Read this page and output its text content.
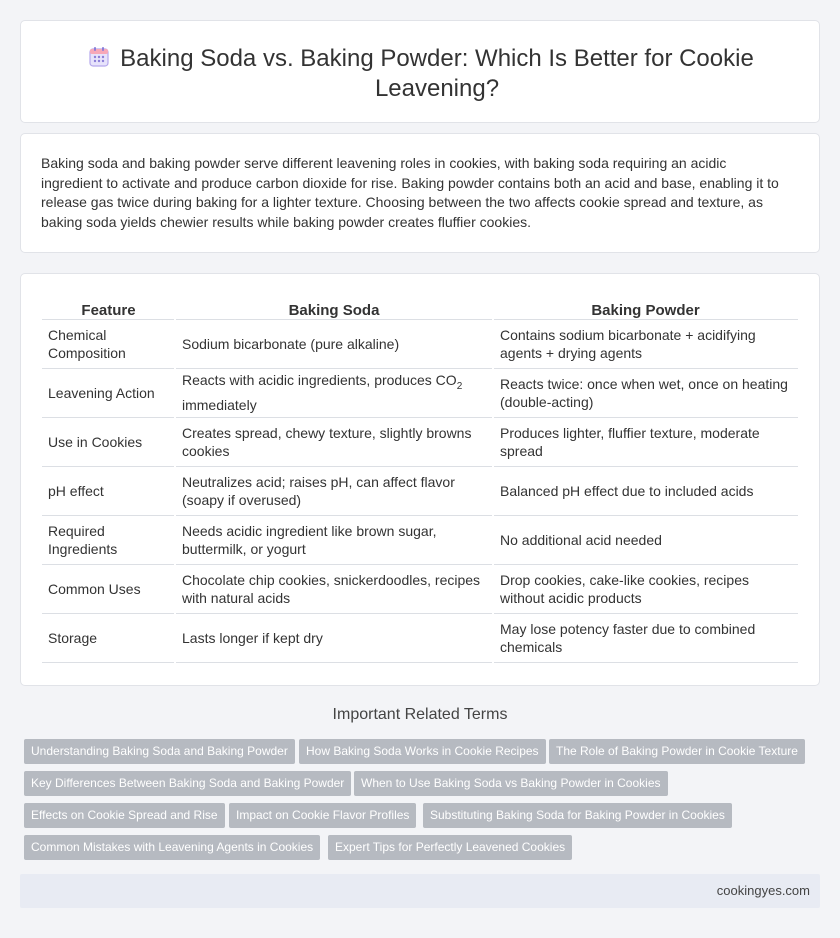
Baking Soda vs. Baking Powder: Which Is Better for Cookie Leavening?

Baking soda and baking powder serve different leavening roles in cookies, with baking soda requiring an acidic ingredient to activate and produce carbon dioxide for rise. Baking powder contains both an acid and base, enabling it to release gas twice during baking for a lighter texture. Choosing between the two affects cookie spread and texture, as baking soda yields chewier results while baking powder creates fluffier cookies.

Feature	Baking Soda	Baking Powder
Chemical Composition	Sodium bicarbonate (pure alkaline)	Contains sodium bicarbonate + acidifying agents + drying agents
Leavening Action	Reacts with acidic ingredients, produces $CO_2$ immediately	Reacts twice: once when wet, once on heating (double-acting)
Use in Cookies	Creates spread, chewy texture, slightly browns cookies	Produces lighter, fluffier texture, moderate spread
pH effect	Neutralizes acid; raises pH, can affect flavor (soapy if overused)	Balanced pH effect due to included acids
Required Ingredients	Needs acidic ingredient like brown sugar, buttermilk, or yogurt	No additional acid needed
Common Uses	Chocolate chip cookies, snickerdoodles, recipes with natural acids	Drop cookies, cake-like cookies, recipes without acidic products
Storage	Lasts longer if kept dry	May lose potency faster due to combined chemicals
Important Related Terms
Understanding Baking Soda and Baking Powder	How Baking Soda Works in Cookie Recipes	The Role of Baking Powder in Cookie Texture
Key Differences Between Baking Soda and Baking Powder	When to Use Baking Soda vs Baking Powder in Cookies
Effects on Cookie Spread and Rise	Impact on Cookie Flavor Profiles	Substituting Baking Soda for Baking Powder in Cookies
Common Mistakes with Leavening Agents in Cookies	Expert Tips for Perfectly Leavened Cookies
cookingyes.com
